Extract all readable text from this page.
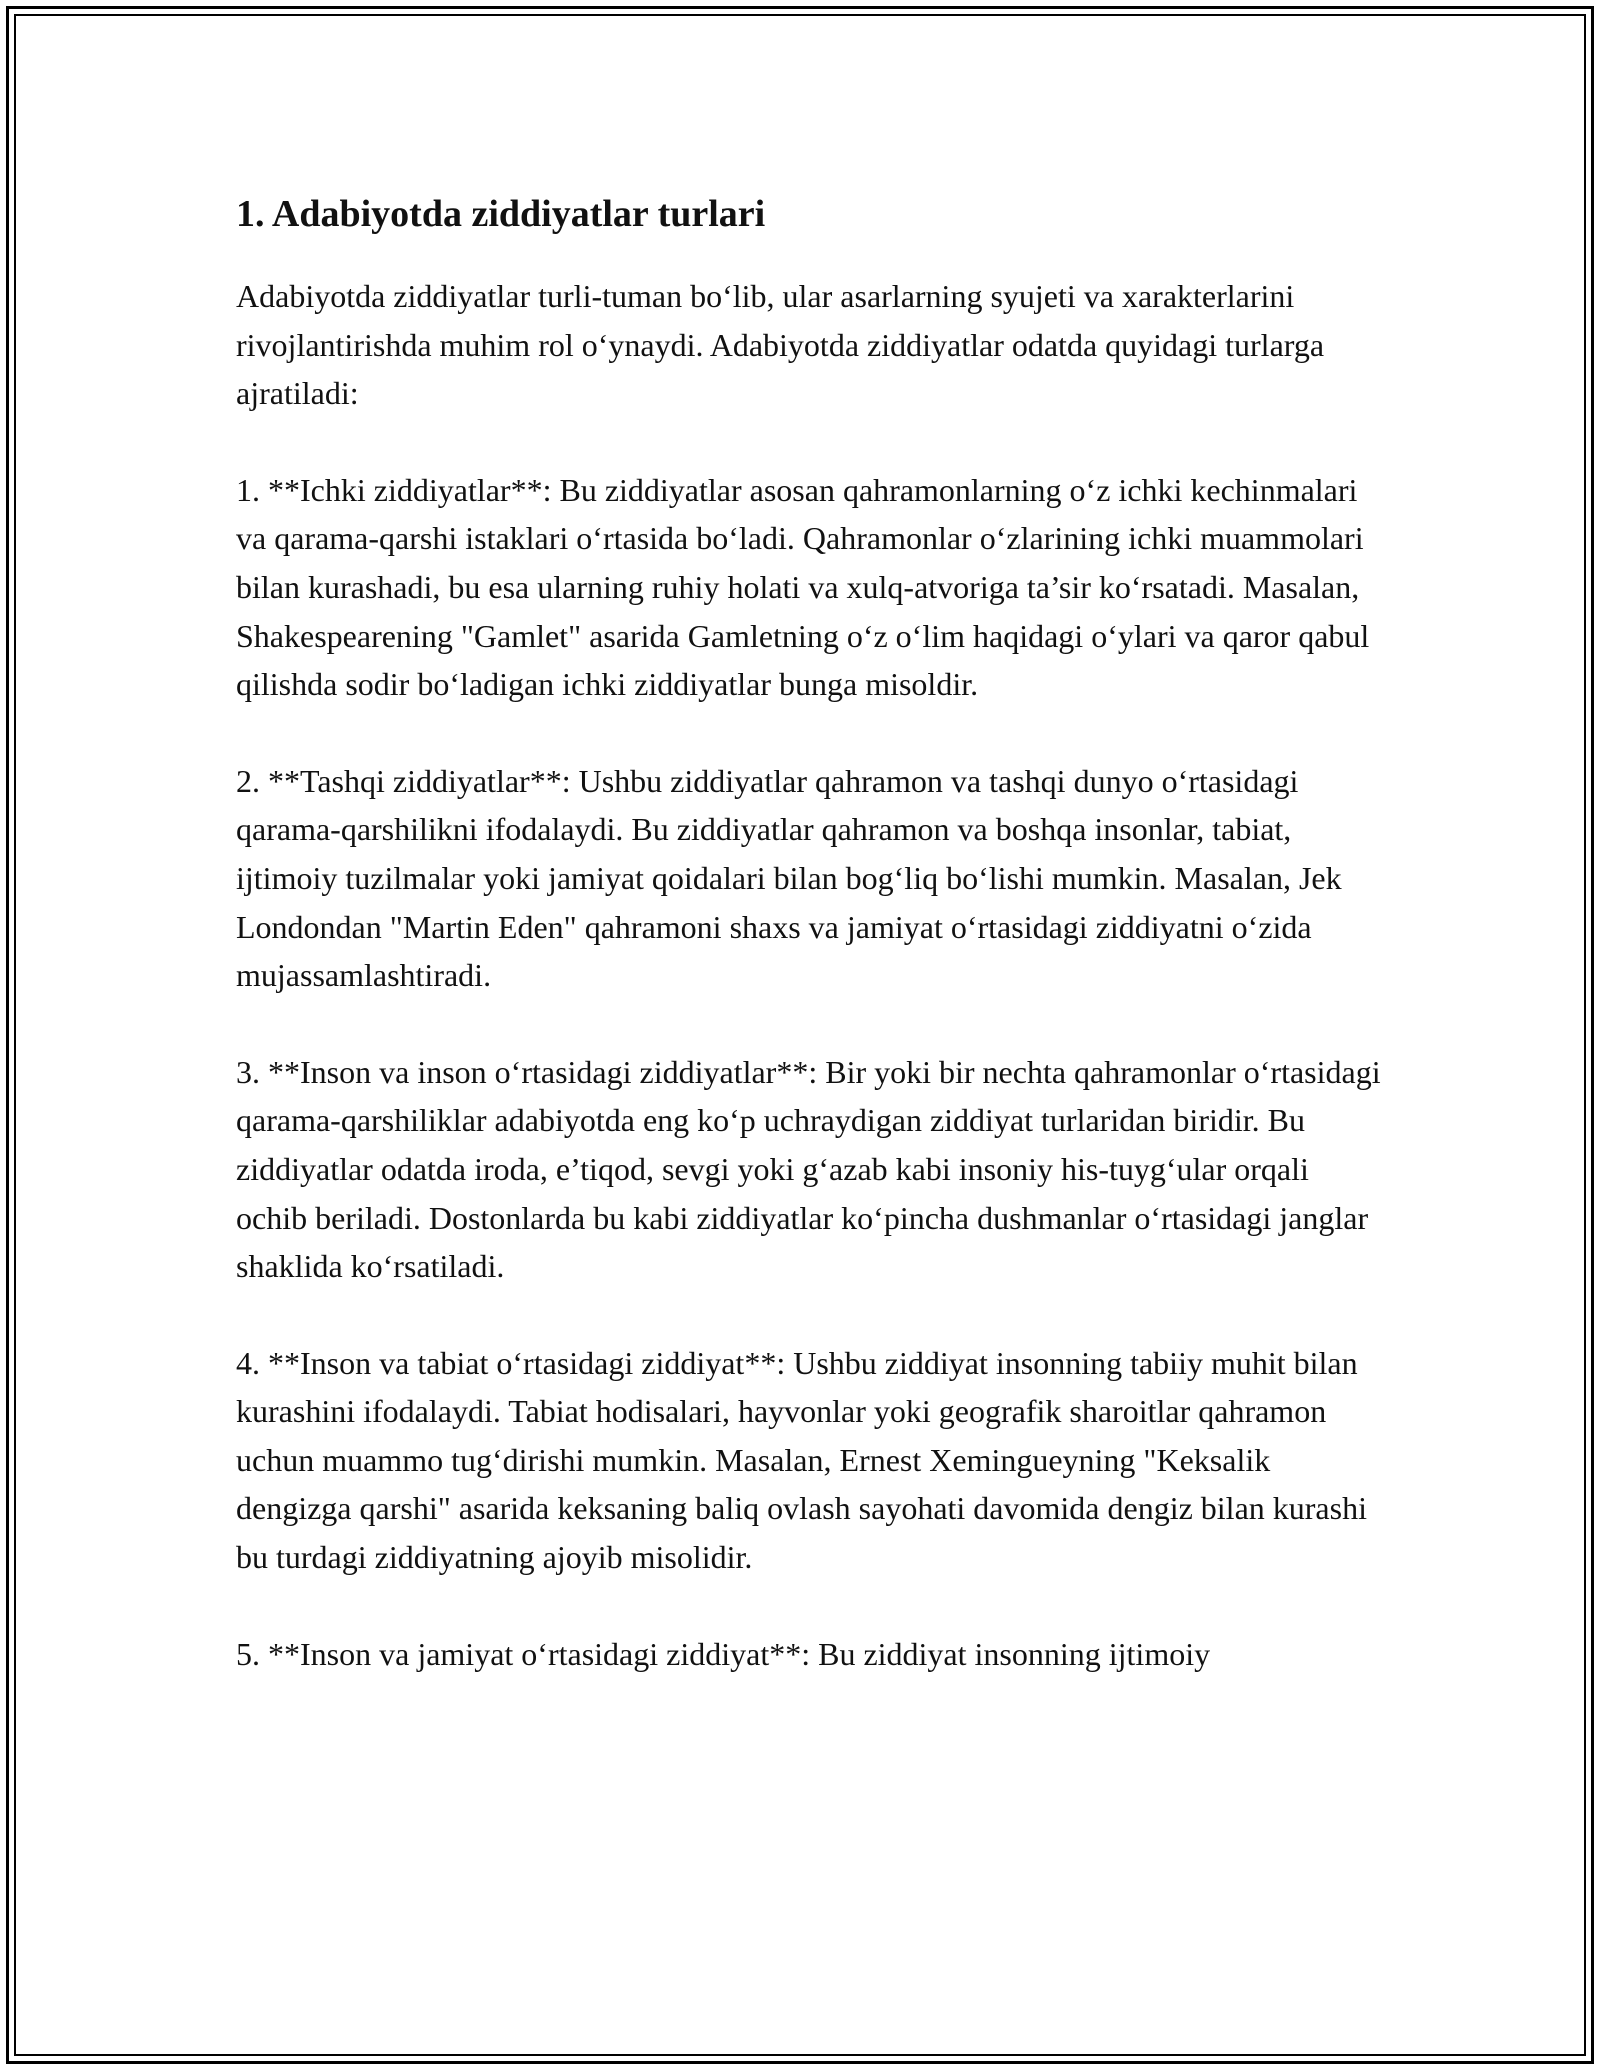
1. Adabiyotda ziddiyatlar turlari

Adabiyotda ziddiyatlar turli-tuman bo‘lib, ular asarlarning syujeti va xarakterlarini rivojlantirishda muhim rol o‘ynaydi. Adabiyotda ziddiyatlar odatda quyidagi turlarga ajratiladi:

1. **Ichki ziddiyatlar**: Bu ziddiyatlar asosan qahramonlarning o‘z ichki kechinmalari va qarama-qarshi istaklari o‘rtasida bo‘ladi. Qahramonlar o‘zlarining ichki muammolari bilan kurashadi, bu esa ularning ruhiy holati va xulq-atvoriga ta’sir ko‘rsatadi. Masalan, Shakespearening "Gamlet" asarida Gamletning o‘z o‘lim haqidagi o‘ylari va qaror qabul qilishda sodir bo‘ladigan ichki ziddiyatlar bunga misoldir.

2. **Tashqi ziddiyatlar**: Ushbu ziddiyatlar qahramon va tashqi dunyo o‘rtasidagi qarama-qarshilikni ifodalaydi. Bu ziddiyatlar qahramon va boshqa insonlar, tabiat, ijtimoiy tuzilmalar yoki jamiyat qoidalari bilan bog‘liq bo‘lishi mumkin. Masalan, Jek Londondan "Martin Eden" qahramoni shaxs va jamiyat o‘rtasidagi ziddiyatni o‘zida mujassamlashtiradi.

3. **Inson va inson o‘rtasidagi ziddiyatlar**: Bir yoki bir nechta qahramonlar o‘rtasidagi qarama-qarshiliklar adabiyotda eng ko‘p uchraydigan ziddiyat turlaridan biridir. Bu ziddiyatlar odatda iroda, e’tiqod, sevgi yoki g‘azab kabi insoniy his-tuyg‘ular orqali ochib beriladi. Dostonlarda bu kabi ziddiyatlar ko‘pincha dushmanlar o‘rtasidagi janglar shaklida ko‘rsatiladi.

4. **Inson va tabiat o‘rtasidagi ziddiyat**: Ushbu ziddiyat insonning tabiiy muhit bilan kurashini ifodalaydi. Tabiat hodisalari, hayvonlar yoki geografik sharoitlar qahramon uchun muammo tug‘dirishi mumkin. Masalan, Ernest Xemingueyning "Keksalik dengizga qarshi" asarida keksaning baliq ovlash sayohati davomida dengiz bilan kurashi bu turdagi ziddiyatning ajoyib misolidir.

5. **Inson va jamiyat o‘rtasidagi ziddiyat**: Bu ziddiyat insonning ijtimoiy
